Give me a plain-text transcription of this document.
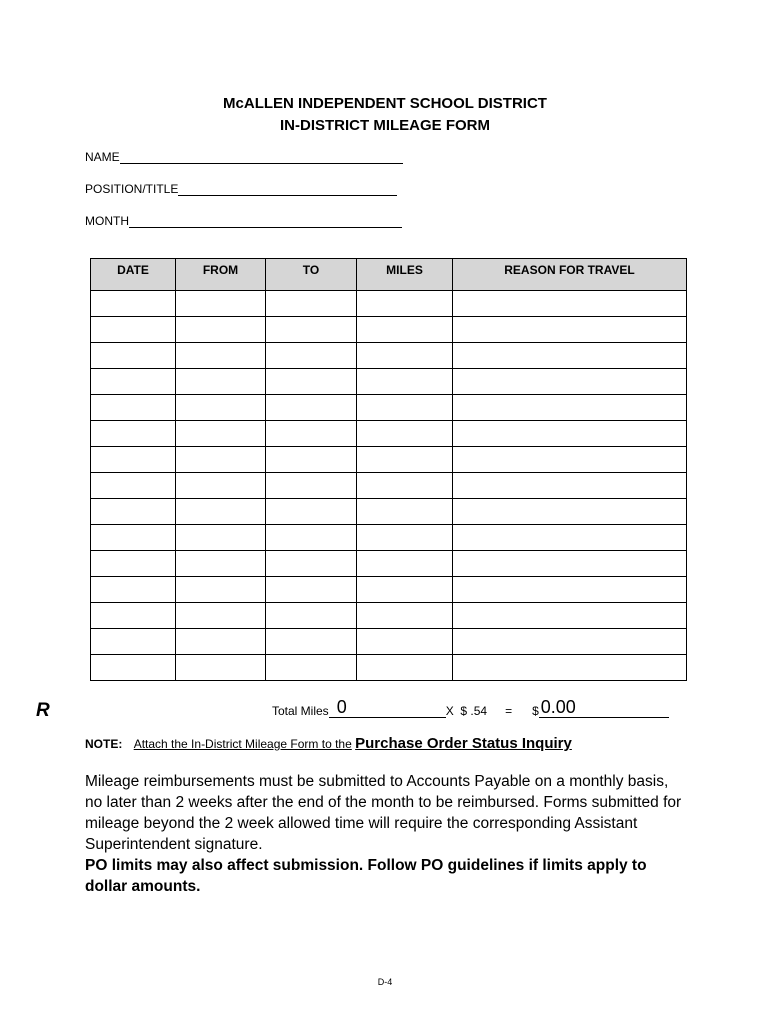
McALLEN INDEPENDENT SCHOOL DISTRICT
IN-DISTRICT MILEAGE FORM
NAME
POSITION/TITLE
MONTH
DATE	FROM	TO	MILES	REASON FOR TRAVEL

R	Total Miles 0	X  $ .54 = $ 0.00
NOTE: Attach the In-District Mileage Form to the Purchase Order Status Inquiry
Mileage reimbursements must be submitted to Accounts Payable on a monthly basis, no later than 2 weeks after the end of the month to be reimbursed. Forms submitted for mileage beyond the 2 week allowed time will require the corresponding Assistant Superintendent signature.
PO limits may also affect submission. Follow PO guidelines if limits apply to dollar amounts.
D-4
